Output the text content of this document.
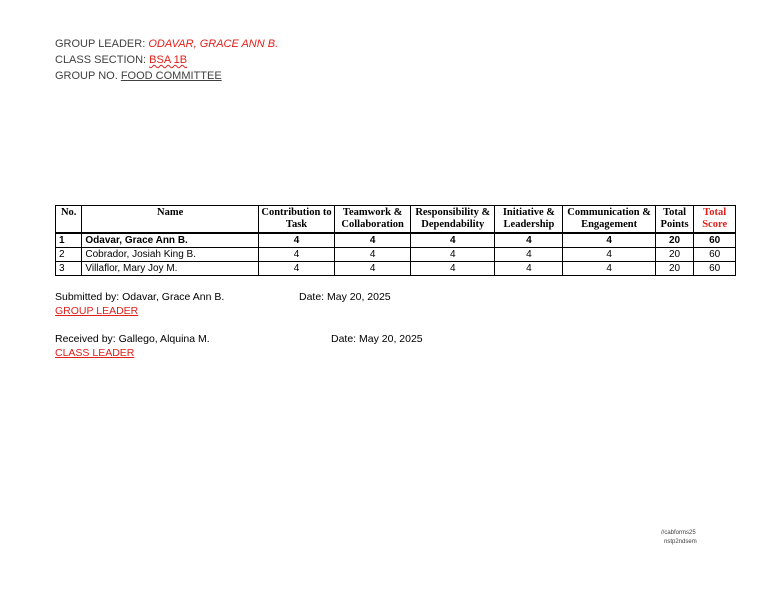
GROUP LEADER: ODAVAR, GRACE ANN B.
CLASS SECTION: BSA 1B
GROUP NO. FOOD COMMITTEE
No.	Name	Contribution to Task	Teamwork & Collaboration	Responsibility & Dependability	Initiative & Leadership	Communication & Engagement	Total Points	Total Score
1	Odavar, Grace Ann B.	4	4	4	4	4	20	60
2	Cobrador, Josiah King B.	4	4	4	4	4	20	60
3	Villaflor, Mary Joy M.	4	4	4	4	4	20	60
Submitted by: Odavar, Grace Ann B.	Date: May 20, 2025
GROUP LEADER
Received by: Gallego, Alquina M.	Date: May 20, 2025
CLASS LEADER
//cabforms25
nstp2ndsem
